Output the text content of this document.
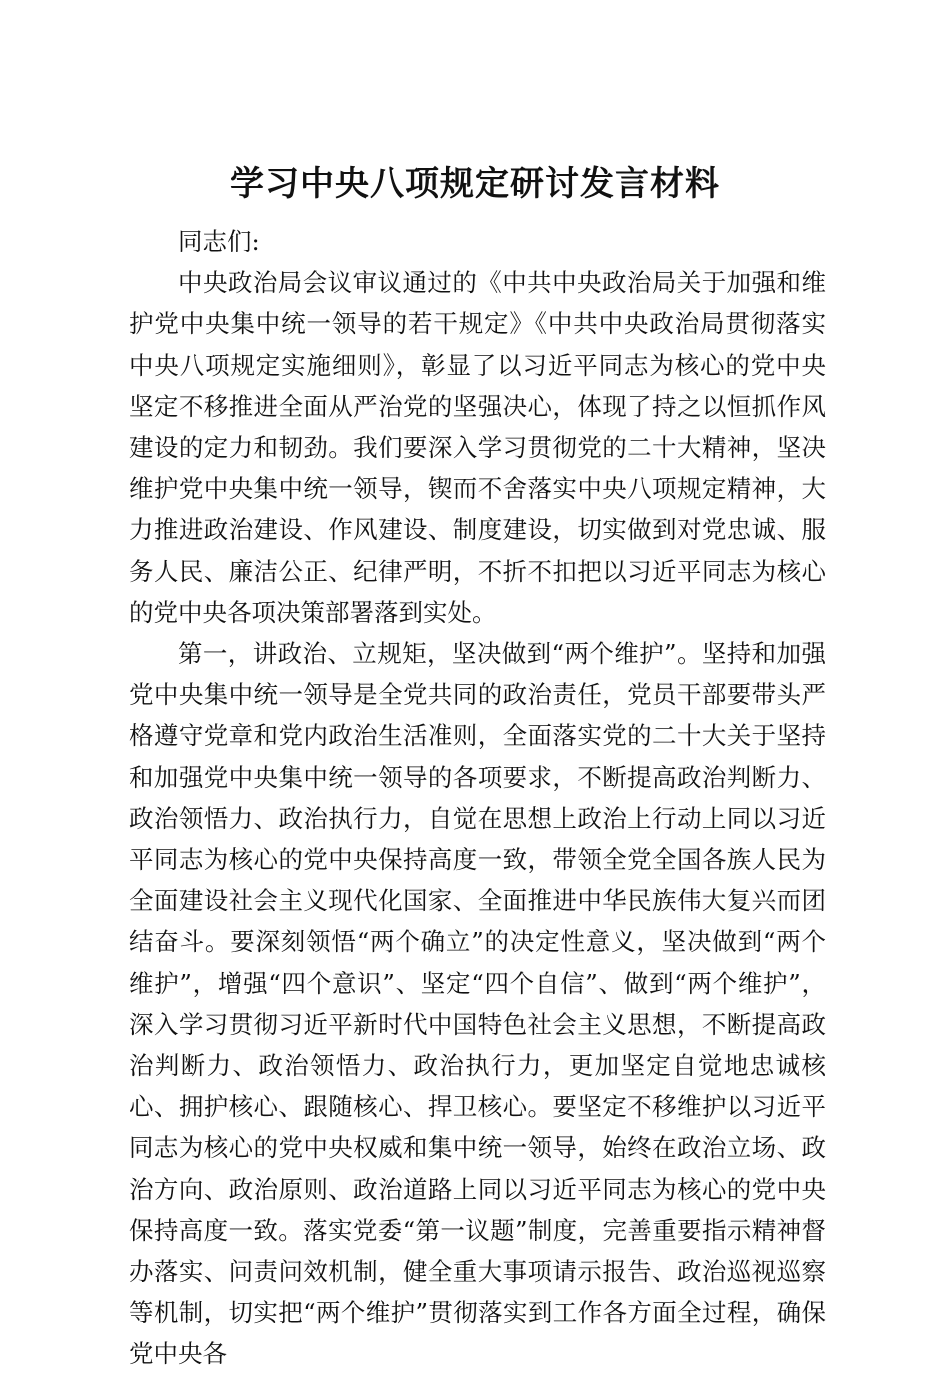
学习中央八项规定研讨发言材料

同志们:

中央政治局会议审议通过的《中共中央政治局关于加强和维护党中央集中统一领导的若干规定》《中共中央政治局贯彻落实中央八项规定实施细则》，彰显了以习近平同志为核心的党中央坚定不移推进全面从严治党的坚强决心，体现了持之以恒抓作风建设的定力和韧劲。我们要深入学习贯彻党的二十大精神，坚决维护党中央集中统一领导，锲而不舍落实中央八项规定精神，大力推进政治建设、作风建设、制度建设，切实做到对党忠诚、服务人民、廉洁公正、纪律严明，不折不扣把以习近平同志为核心的党中央各项决策部署落到实处。

第一，讲政治、立规矩，坚决做到“两个维护”。坚持和加强党中央集中统一领导是全党共同的政治责任，党员干部要带头严格遵守党章和党内政治生活准则，全面落实党的二十大关于坚持和加强党中央集中统一领导的各项要求，不断提高政治判断力、政治领悟力、政治执行力，自觉在思想上政治上行动上同以习近平同志为核心的党中央保持高度一致，带领全党全国各族人民为全面建设社会主义现代化国家、全面推进中华民族伟大复兴而团结奋斗。要深刻领悟“两个确立”的决定性意义，坚决做到“两个维护”，增强“四个意识”、坚定“四个自信”、做到“两个维护”，深入学习贯彻习近平新时代中国特色社会主义思想，不断提高政治判断力、政治领悟力、政治执行力，更加坚定自觉地忠诚核心、拥护核心、跟随核心、捍卫核心。要坚定不移维护以习近平同志为核心的党中央权威和集中统一领导，始终在政治立场、政治方向、政治原则、政治道路上同以习近平同志为核心的党中央保持高度一致。落实党委“第一议题”制度，完善重要指示精神督办落实、问责问效机制，健全重大事项请示报告、政治巡视巡察等机制，切实把“两个维护”贯彻落实到工作各方面全过程，确保党中央各
